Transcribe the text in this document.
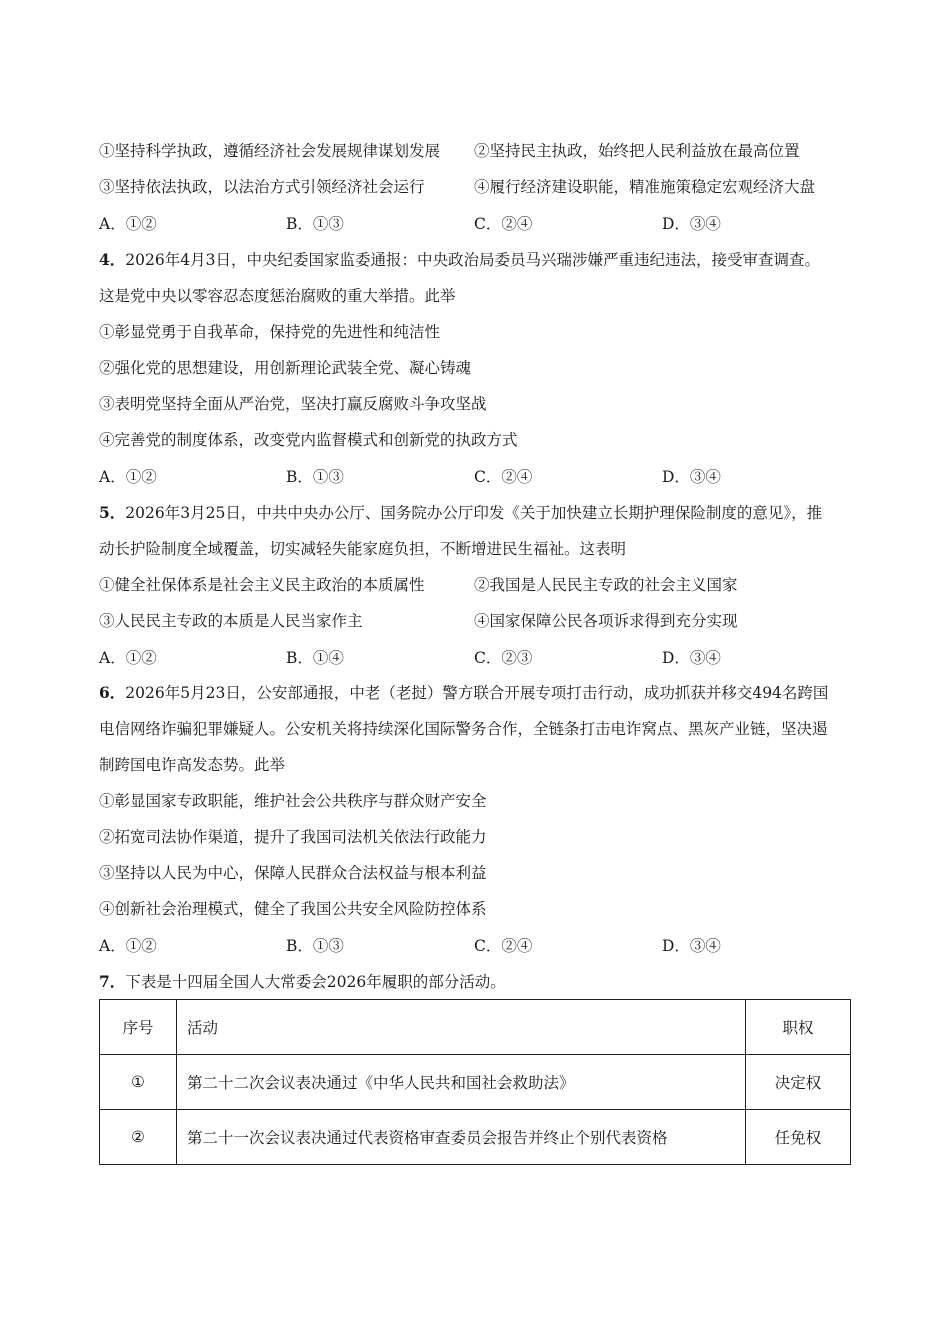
①坚持科学执政，遵循经济社会发展规律谋划发展 ②坚持民主执政，始终把人民利益放在最高位置
③坚持依法执政，以法治方式引领经济社会运行	④履行经济建设职能，精准施策稳定宏观经济大盘
A．①②	B．①③	C．②④	D．③④
4．2026年4月3日，中央纪委国家监委通报：中央政治局委员马兴瑞涉嫌严重违纪违法，接受审查调查。
这是党中央以零容忍态度惩治腐败的重大举措。此举
①彰显党勇于自我革命，保持党的先进性和纯洁性
②强化党的思想建设，用创新理论武装全党、凝心铸魂
③表明党坚持全面从严治党，坚决打赢反腐败斗争攻坚战
④完善党的制度体系，改变党内监督模式和创新党的执政方式
A．①②	B．①③	C．②④	D．③④
5．2026年3月25日，中共中央办公厅、国务院办公厅印发《关于加快建立长期护理保险制度的意见》，推
动长护险制度全域覆盖，切实减轻失能家庭负担，不断增进民生福祉。这表明
①健全社保体系是社会主义民主政治的本质属性	②我国是人民民主专政的社会主义国家
③人民民主专政的本质是人民当家作主	④国家保障公民各项诉求得到充分实现
A．①②	B．①④	C．②③	D．③④
6．2026年5月23日，公安部通报，中老（老挝）警方联合开展专项打击行动，成功抓获并移交494名跨国
电信网络诈骗犯罪嫌疑人。公安机关将持续深化国际警务合作，全链条打击电诈窝点、黑灰产业链，坚决遏
制跨国电诈高发态势。此举
①彰显国家专政职能，维护社会公共秩序与群众财产安全
②拓宽司法协作渠道，提升了我国司法机关依法行政能力
③坚持以人民为中心，保障人民群众合法权益与根本利益
④创新社会治理模式，健全了我国公共安全风险防控体系
A．①②	B．①③	C．②④	D．③④
7．下表是十四届全国人大常委会2026年履职的部分活动。
序号	活动	职权
①	第二十二次会议表决通过《中华人民共和国社会救助法》	决定权
②	第二十一次会议表决通过代表资格审查委员会报告并终止个别代表资格	任免权
